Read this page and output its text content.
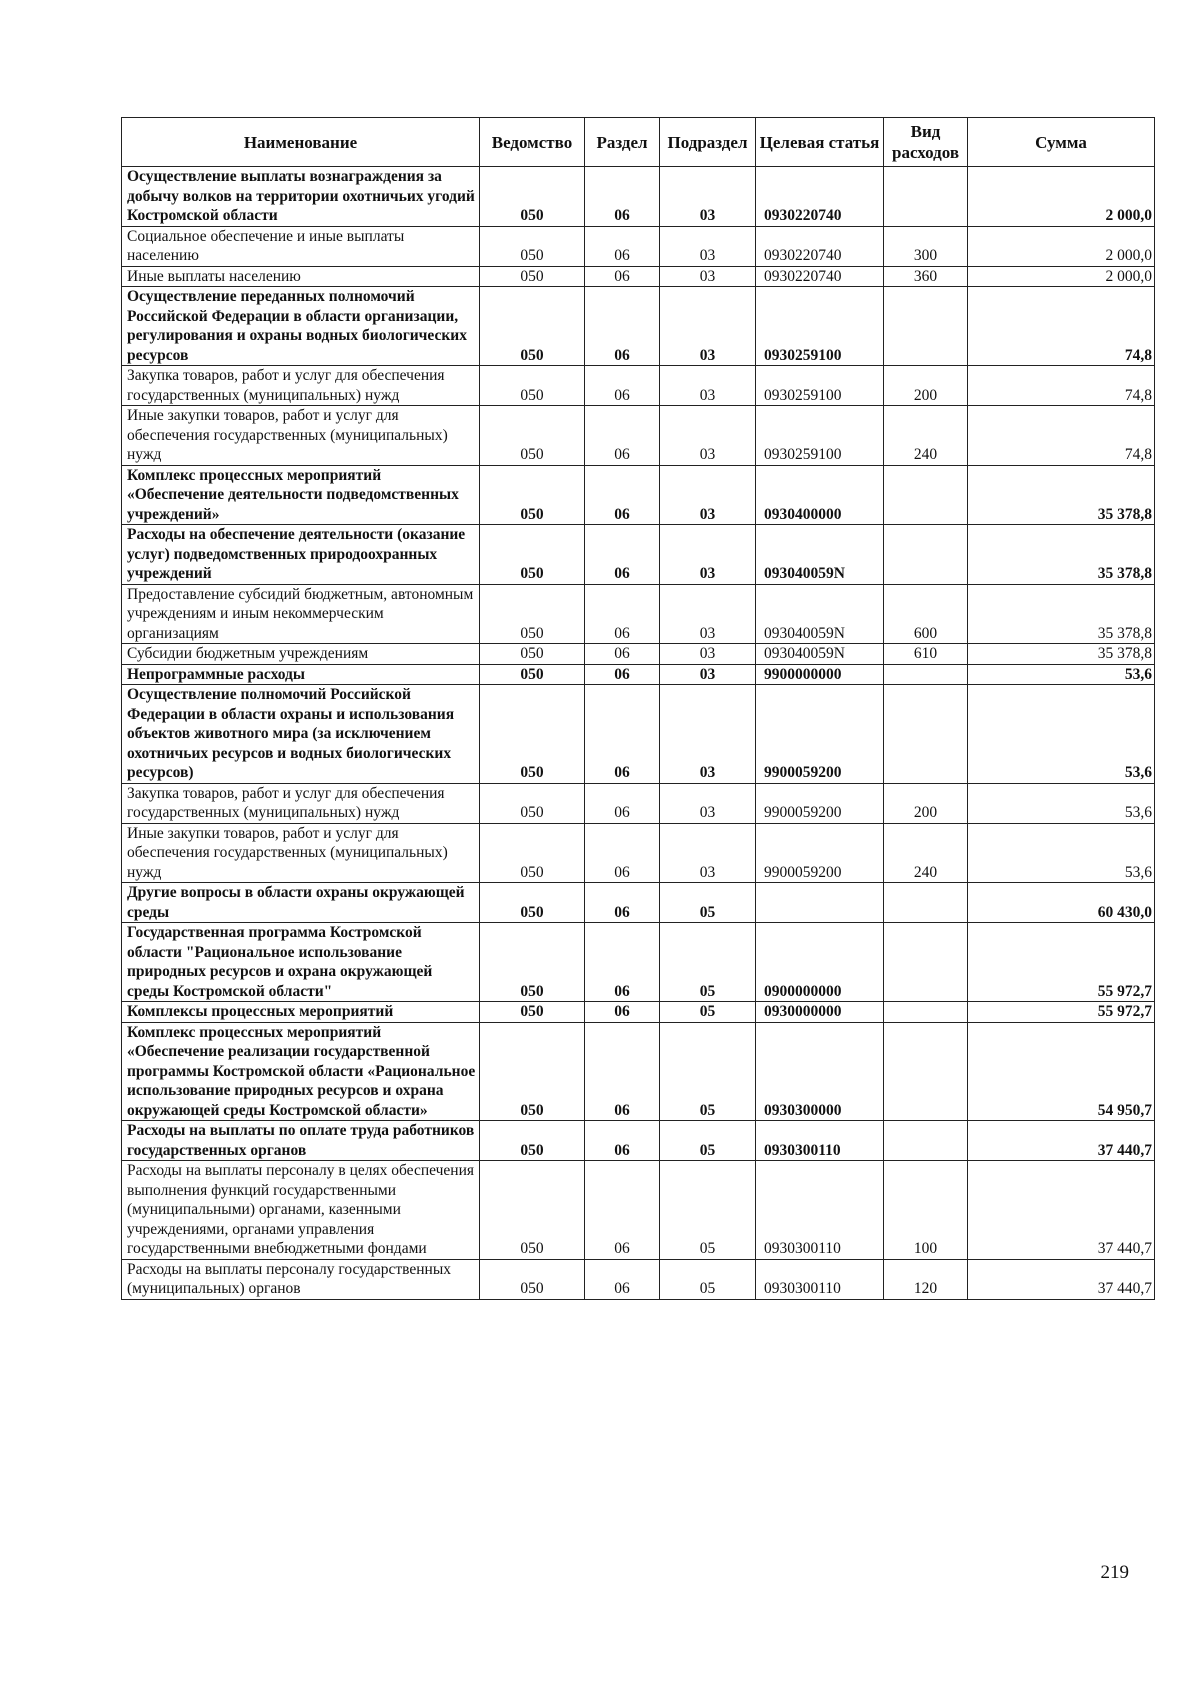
Наименование	Ведомство	Раздел	Подраздел	Целевая статья	Вид расходов	Сумма
Осуществление выплаты вознаграждения за добычу волков на территории охотничьих угодий Костромской области	050	06	03	0930220740		2 000,0
Социальное обеспечение и иные выплаты населению	050	06	03	0930220740	300	2 000,0
Иные выплаты населению	050	06	03	0930220740	360	2 000,0
Осуществление переданных полномочий Российской Федерации в области организации, регулирования и охраны водных биологических ресурсов	050	06	03	0930259100		74,8
Закупка товаров, работ и услуг для обеспечения государственных (муниципальных) нужд	050	06	03	0930259100	200	74,8
Иные закупки товаров, работ и услуг для обеспечения государственных (муниципальных) нужд	050	06	03	0930259100	240	74,8
Комплекс процессных мероприятий «Обеспечение деятельности подведомственных учреждений»	050	06	03	0930400000		35 378,8
Расходы на обеспечение деятельности (оказание услуг) подведомственных природоохранных учреждений	050	06	03	093040059N		35 378,8
Предоставление субсидий бюджетным, автономным учреждениям и иным некоммерческим организациям	050	06	03	093040059N	600	35 378,8
Субсидии бюджетным учреждениям	050	06	03	093040059N	610	35 378,8
Непрограммные расходы	050	06	03	9900000000		53,6
Осуществление полномочий Российской Федерации в области охраны и использования объектов животного мира (за исключением охотничьих ресурсов и водных биологических ресурсов)	050	06	03	9900059200		53,6
Закупка товаров, работ и услуг для обеспечения государственных (муниципальных) нужд	050	06	03	9900059200	200	53,6
Иные закупки товаров, работ и услуг для обеспечения государственных (муниципальных) нужд	050	06	03	9900059200	240	53,6
Другие вопросы в области охраны окружающей среды	050	06	05			60 430,0
Государственная программа Костромской области "Рациональное использование природных ресурсов и охрана окружающей среды Костромской области"	050	06	05	0900000000		55 972,7
Комплексы процессных мероприятий	050	06	05	0930000000		55 972,7
Комплекс процессных мероприятий «Обеспечение реализации государственной программы Костромской области «Рациональное использование природных ресурсов и охрана окружающей среды Костромской области»	050	06	05	0930300000		54 950,7
Расходы на выплаты по оплате труда работников государственных органов	050	06	05	0930300110		37 440,7
Расходы на выплаты персоналу в целях обеспечения выполнения функций государственными (муниципальными) органами, казенными учреждениями, органами управления государственными внебюджетными фондами	050	06	05	0930300110	100	37 440,7
Расходы на выплаты персоналу государственных (муниципальных) органов	050	06	05	0930300110	120	37 440,7
219
